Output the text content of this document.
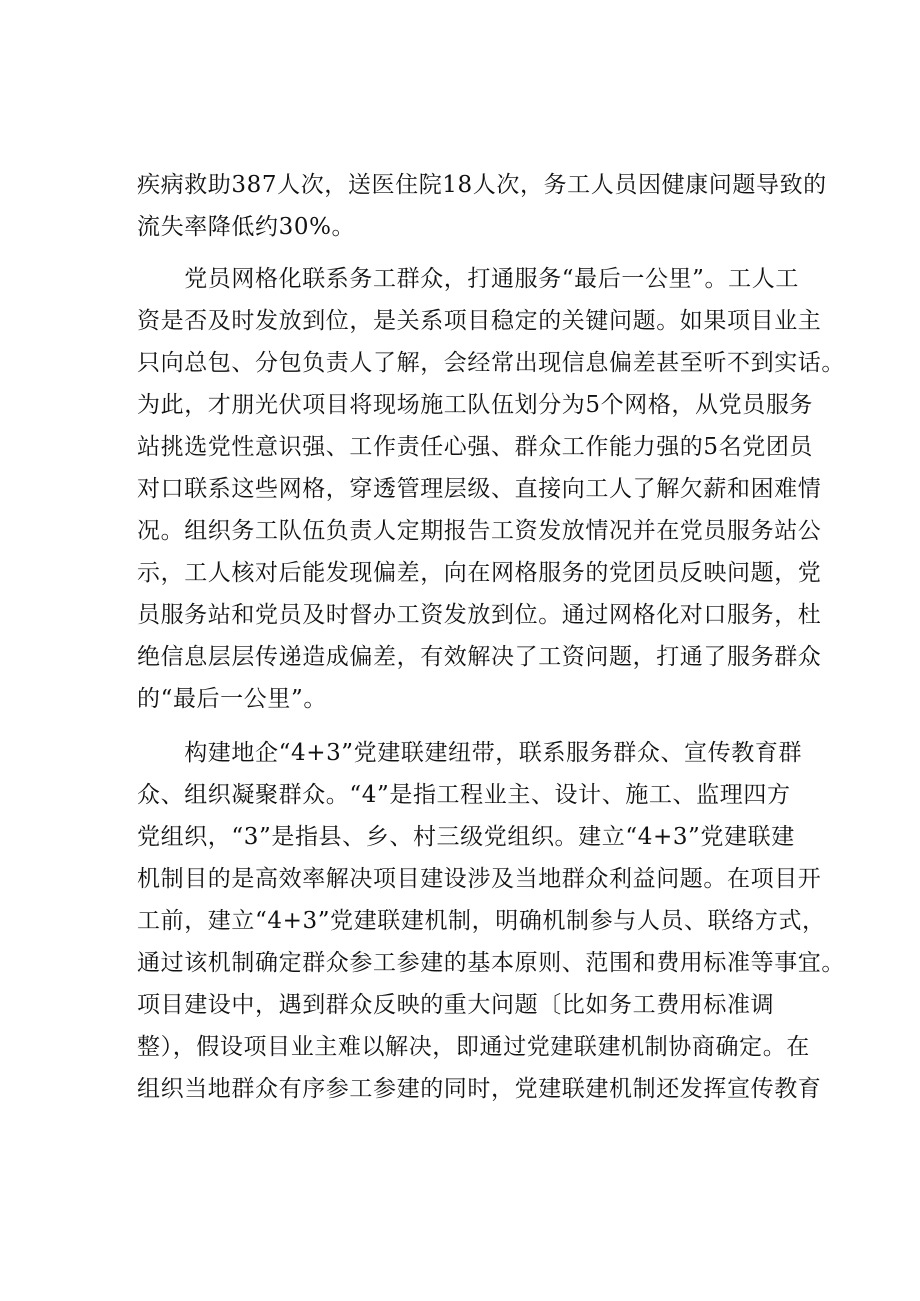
疾病救助387人次，送医住院18人次，务工人员因健康问题导致的
流失率降低约30%。
　　党员网格化联系务工群众，打通服务“最后一公里”。工人工
资是否及时发放到位，是关系项目稳定的关键问题。如果项目业主
只向总包、分包负责人了解，会经常出现信息偏差甚至听不到实话。
为此，才朋光伏项目将现场施工队伍划分为5个网格，从党员服务
站挑选党性意识强、工作责任心强、群众工作能力强的5名党团员
对口联系这些网格，穿透管理层级、直接向工人了解欠薪和困难情
况。组织务工队伍负责人定期报告工资发放情况并在党员服务站公
示，工人核对后能发现偏差，向在网格服务的党团员反映问题，党
员服务站和党员及时督办工资发放到位。通过网格化对口服务，杜
绝信息层层传递造成偏差，有效解决了工资问题，打通了服务群众
的“最后一公里”。
　　构建地企“4+3”党建联建纽带，联系服务群众、宣传教育群
众、组织凝聚群众。“4”是指工程业主、设计、施工、监理四方
党组织，“3”是指县、乡、村三级党组织。建立“4+3”党建联建
机制目的是高效率解决项目建设涉及当地群众利益问题。在项目开
工前，建立“4+3”党建联建机制，明确机制参与人员、联络方式，
通过该机制确定群众参工参建的基本原则、范围和费用标准等事宜。
项目建设中，遇到群众反映的重大问题〔比如务工费用标准调
整），假设项目业主难以解决，即通过党建联建机制协商确定。在
组织当地群众有序参工参建的同时，党建联建机制还发挥宣传教育
